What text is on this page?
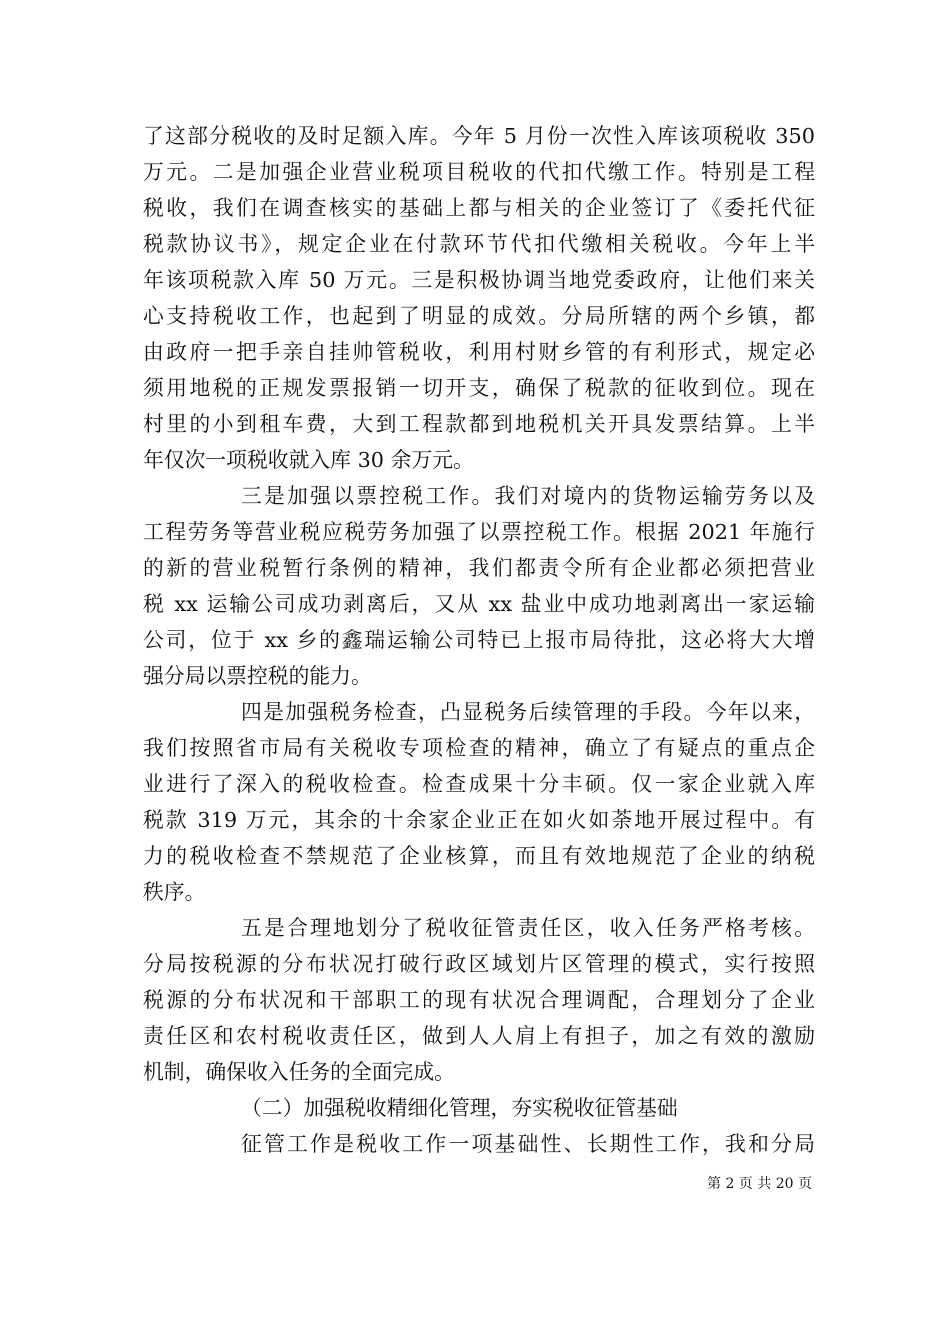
了这部分税收的及时足额入库。今年 5 月份一次性入库该项税收 350
万元。二是加强企业营业税项目税收的代扣代缴工作。特别是工程
税收，我们在调查核实的基础上都与相关的企业签订了《委托代征
税款协议书》，规定企业在付款环节代扣代缴相关税收。今年上半
年该项税款入库 50 万元。三是积极协调当地党委政府，让他们来关
心支持税收工作，也起到了明显的成效。分局所辖的两个乡镇，都
由政府一把手亲自挂帅管税收，利用村财乡管的有利形式，规定必
须用地税的正规发票报销一切开支，确保了税款的征收到位。现在
村里的小到租车费，大到工程款都到地税机关开具发票结算。上半
年仅次一项税收就入库 30 余万元。
三是加强以票控税工作。我们对境内的货物运输劳务以及
工程劳务等营业税应税劳务加强了以票控税工作。根据 2021 年施行
的新的营业税暂行条例的精神，我们都责令所有企业都必须把营业
税 xx 运输公司成功剥离后，又从 xx 盐业中成功地剥离出一家运输
公司，位于 xx 乡的鑫瑞运输公司特已上报市局待批，这必将大大增
强分局以票控税的能力。
四是加强税务检查，凸显税务后续管理的手段。今年以来，
我们按照省市局有关税收专项检查的精神，确立了有疑点的重点企
业进行了深入的税收检查。检查成果十分丰硕。仅一家企业就入库
税款 319 万元，其余的十余家企业正在如火如荼地开展过程中。有
力的税收检查不禁规范了企业核算，而且有效地规范了企业的纳税
秩序。
五是合理地划分了税收征管责任区，收入任务严格考核。
分局按税源的分布状况打破行政区域划片区管理的模式，实行按照
税源的分布状况和干部职工的现有状况合理调配，合理划分了企业
责任区和农村税收责任区，做到人人肩上有担子，加之有效的激励
机制，确保收入任务的全面完成。
（二）加强税收精细化管理，夯实税收征管基础
征管工作是税收工作一项基础性、长期性工作，我和分局
第 2 页 共 20 页
